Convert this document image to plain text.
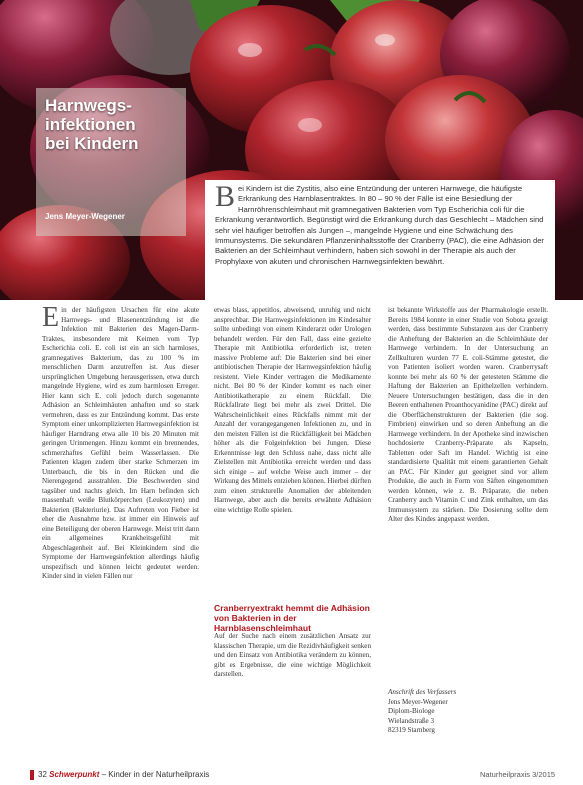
Harnwegs-
infektionen
bei Kindern
Jens Meyer-Wegener
B ei Kindern ist die Zystitis, also eine Entzündung der unteren Harnwege, die häufigste Erkrankung des Harnblasentraktes. In 80 – 90 % der Fälle ist eine Besiedlung der Harnröhrenschleimhaut mit gramnegativen Bakterien vom Typ Escherichia coli für die Erkrankung verantwortlich. Begünstigt wird die Erkrankung durch das Geschlecht – Mädchen sind sehr viel häufiger betroffen als Jungen –, mangelnde Hygiene und eine Schwächung des Immunsystems. Die sekundären Pflanzeninhaltsstoffe der Cranberry (PAC), die eine Adhäsion der Bakterien an der Schleimhaut verhindern, haben sich sowohl in der Therapie als auch der Prophylaxe von akuten und chronischen Harnwegsinfekten bewährt.
E in der häufigsten Ursachen für eine akute Harnwegs- und Blasenentzündung ist die Infektion mit Bakterien des Magen-Darm-Traktes, insbesondere mit Keimen vom Typ Escherichia coli. E. coli ist ein an sich harmloses, gramnegatives Bakterium, das zu 100 % im menschlichen Darm anzutreffen ist. Aus dieser ursprünglichen Umgebung herausgerissen, etwa durch mangelnde Hygiene, wird es zum harmlosen Erreger. Hier kann sich E. coli jedoch durch sogenannte Adhäsion an Schleimhäuten anhaften und so stark vermehren, dass es zur Entzündung kommt. Das erste Symptom einer unkomplizierten Harnwegsinfektion ist häufiger Harndrang etwa alle 10 bis 20 Minuten mit geringen Urinmengen. Hinzu kommt ein brennendes, schmerzhaftes Gefühl beim Wasserlassen. Die Patienten klagen zudem über starke Schmerzen im Unterbauch, die bis in den Rücken und die Nierengegend ausstrahlen. Die Beschwerden sind tagsüber und nachts gleich. Im Harn befinden sich massenhaft weiße Blutkörperchen (Leukozyten) und Bakterien (Bakteriurie). Das Auftreten von Fieber ist eher die Ausnahme bzw. ist immer ein Hinweis auf eine Beteiligung der oberen Harnwege. Meist tritt dann ein allgemeines Krankheitsgefühl mit Abgeschlagenheit auf. Bei Kleinkindern sind die Symptome der Harnwegsinfektion allerdings häufig unspezifisch und können leicht gedeutet werden. Kinder sind in vielen Fällen nur

etwas blass, appetitlos, abweisend, unruhig und nicht ansprechbar. Die Harnwegsinfektionen im Kindesalter sollte unbedingt von einem Kinderarzt oder Urologen behandelt werden. Für den Fall, dass eine gezielte Therapie mit Antibiotika erforderlich ist, treten massive Probleme auf: Die Bakterien sind bei einer antibiotischen Therapie der Harnwegsinfektion häufig resistent. Viele Kinder vertragen die Medikamente nicht. Bei 80 % der Kinder kommt es nach einer Antibiotikatherapie zu einem Rückfall. Die Rückfallrate liegt bei mehr als zwei Drittel. Die Wahrscheinlichkeit eines Rückfalls nimmt mit der Anzahl der vorangegangenen Infektionen zu, und in den meisten Fällen ist die Rückfälligkeit bei Mädchen höher als die Folgeinfektion bei Jungen. Diese Erkenntnisse legt den Schluss nahe, dass nicht alle Zielstellen mit Antibiotika erreicht werden und dass sich einige – auf welche Weise auch immer – der Wirkung des Mittels entziehen können. Hierbei dürften zum einen strukturelle Anomalien der ableitenden Harnwege, aber auch die bereits erwähnte Adhäsion eine wichtige Rolle spielen.

Cranberryextrakt hemmt die Adhäsion von Bakterien in der Harnblasenschleimhaut

Auf der Suche nach einem zusätzlichen Ansatz zur klassischen Therapie, um die Rezidivhäufigkeit senken und den Einsatz von Antibiotika verändern zu können, gibt es Ergebnisse, die eine wichtige Möglichkeit darstellen.

ist bekannte Wirkstoffe aus der Pharmakologie erstellt. Bereits 1984 konnte in einer Studie von Sobota gezeigt werden, dass bestimmte Substanzen aus der Cranberry die Anheftung der Bakterien an die Schleimhäute der Harnwege verhindern. In der Untersuchung an Zellkulturen wurden 77 E. coli-Stämme getestet, die von Patienten isoliert worden waren. Cranberrysaft konnte bei mehr als 60 % der getesteten Stämme die Haftung der Bakterien an Epithelzellen verhindern. Neuere Untersuchungen bestätigen, dass die in den Beeren enthaltenen Proanthocyanidine (PAC) direkt auf die Oberflächenstrukturen der Bakterien (die sog. Fimbrien) einwirken und so deren Anheftung an die Harnwege verhindern. In der Apotheke sind inzwischen hochdosierte Cranberry-Präparate als Kapseln, Tabletten oder Saft im Handel. Wichtig ist eine standardisierte Qualität mit einem garantierten Gehalt an PAC. Für Kinder gut geeignet sind vor allem Produkte, die auch in Form von Säften eingenommen werden können, wie z. B. Präparate, die neben Cranberry auch Vitamin C und Zink enthalten, um das Immunsystem zu stärken. Die Dosierung sollte dem Alter des Kindes angepasst werden.

Anschrift des Verfassers
Jens Meyer-Wegener
Diplom-Biologe
Wielandstraße 3
82319 Starnberg
32 Schwerpunkt – Kinder in der Naturheilpraxis	Naturheilpraxis 3/2015
